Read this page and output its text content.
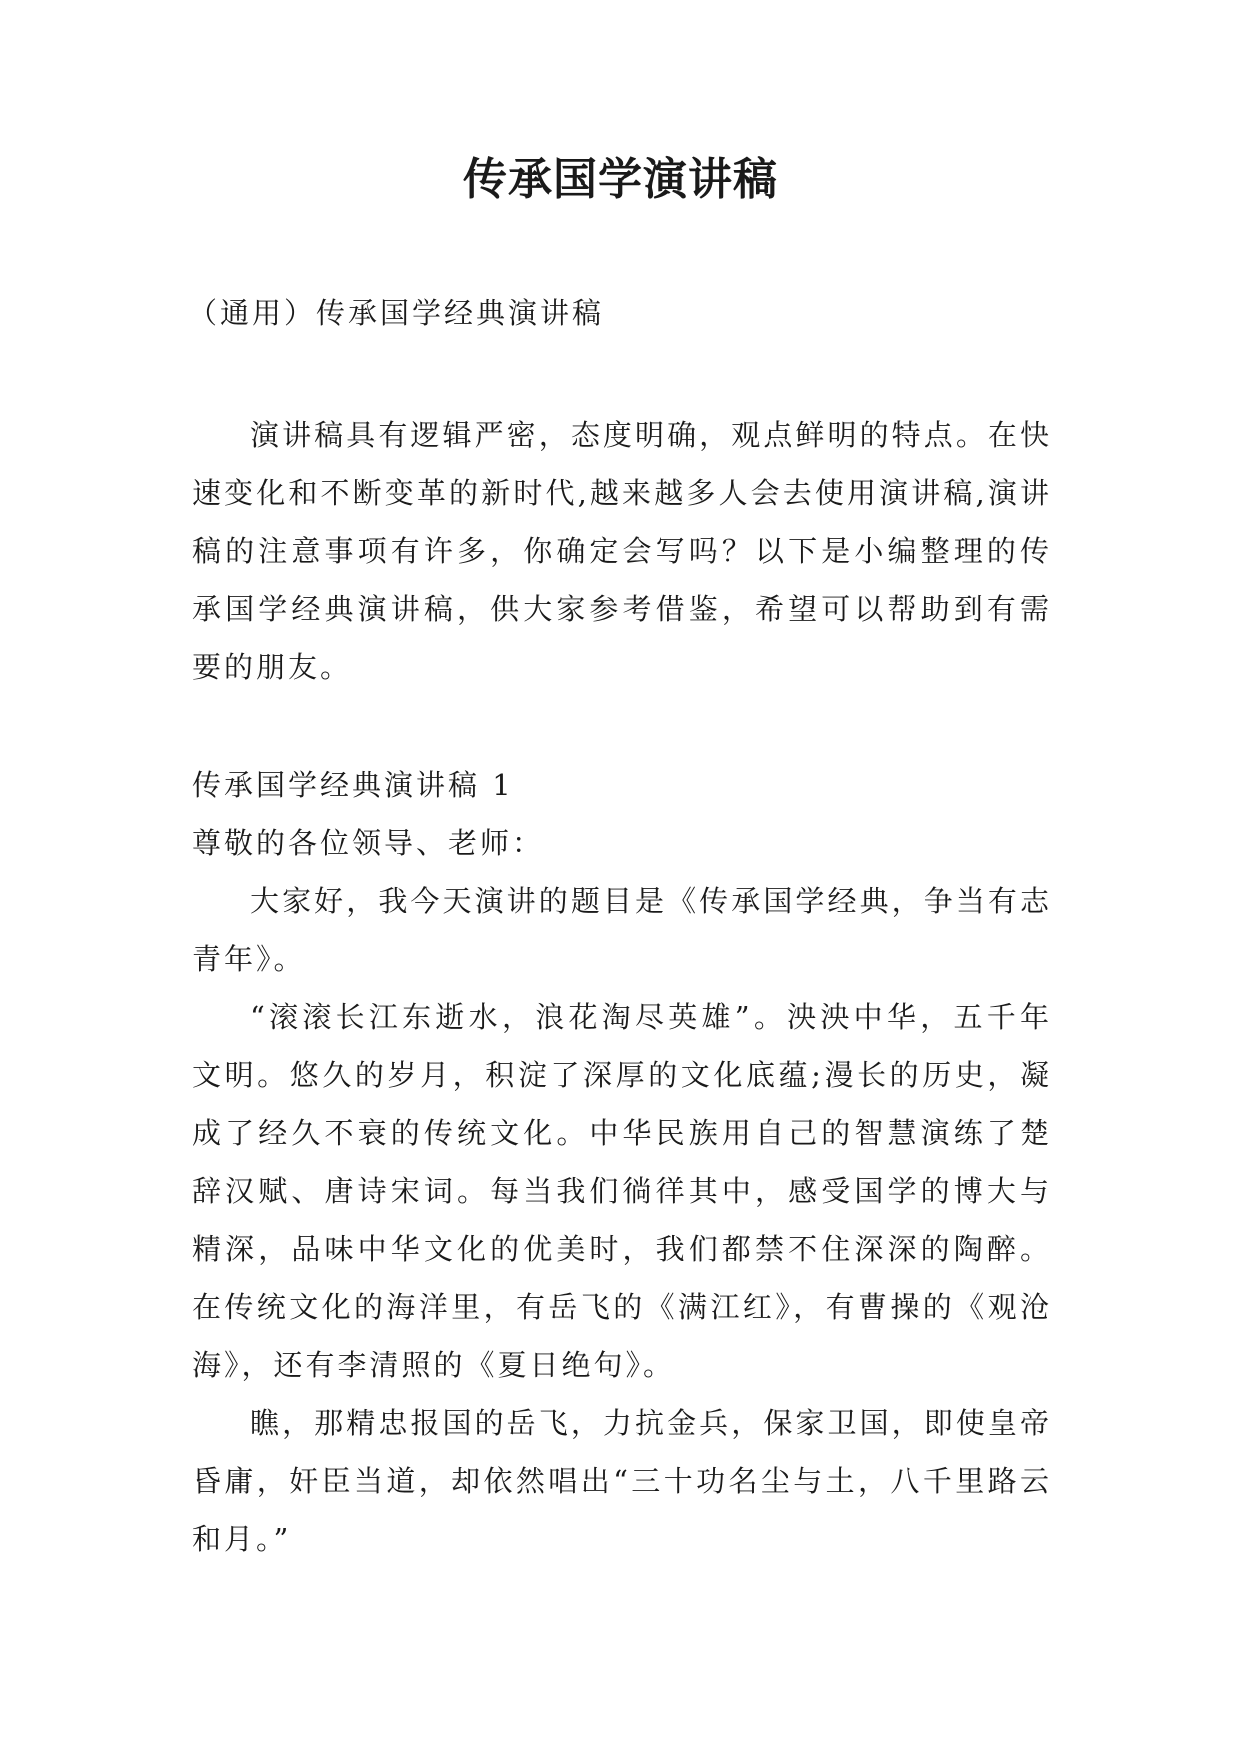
传承国学演讲稿
（通用）传承国学经典演讲稿

演讲稿具有逻辑严密，态度明确，观点鲜明的特点。在快速变化和不断变革的新时代,越来越多人会去使用演讲稿,演讲稿的注意事项有许多，你确定会写吗？以下是小编整理的传承国学经典演讲稿，供大家参考借鉴，希望可以帮助到有需要的朋友。

传承国学经典演讲稿 1

尊敬的各位领导、老师：

大家好，我今天演讲的题目是《传承国学经典，争当有志青年》。

“滚滚长江东逝水，浪花淘尽英雄”。泱泱中华，五千年文明。悠久的岁月，积淀了深厚的文化底蕴;漫长的历史，凝成了经久不衰的传统文化。中华民族用自己的智慧演练了楚辞汉赋、唐诗宋词。每当我们徜徉其中，感受国学的博大与精深，品味中华文化的优美时，我们都禁不住深深的陶醉。在传统文化的海洋里，有岳飞的《满江红》，有曹操的《观沧海》，还有李清照的《夏日绝句》。

瞧，那精忠报国的岳飞，力抗金兵，保家卫国，即使皇帝昏庸，奸臣当道，却依然唱出“三十功名尘与土，八千里路云和月。”
